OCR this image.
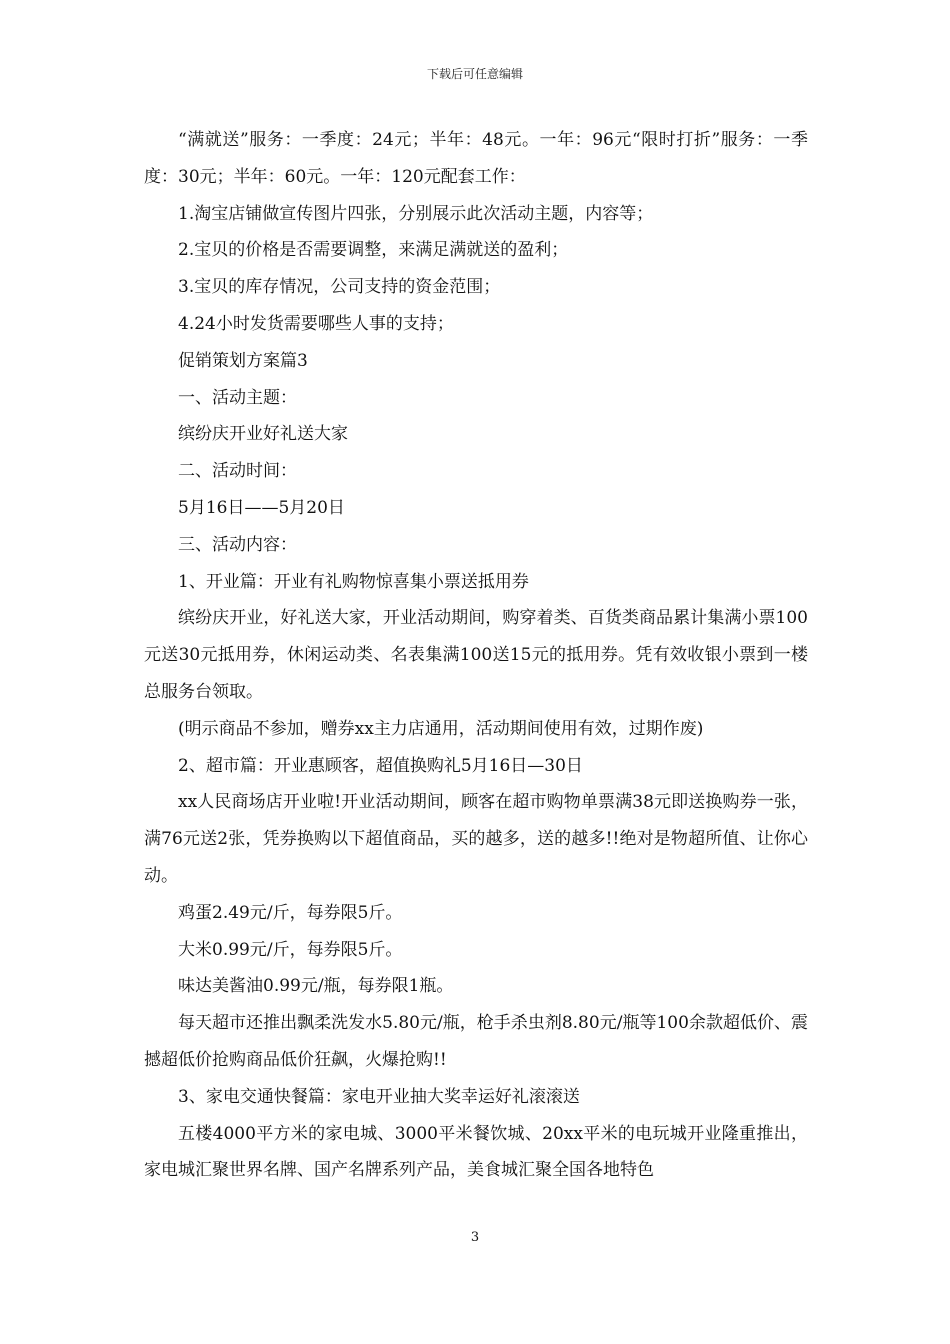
下载后可任意编辑

“满就送”服务：一季度：24元；半年：48元。一年：96元“限时打折”服务：一季度：30元；半年：60元。一年：120元配套工作：

1.淘宝店铺做宣传图片四张，分别展示此次活动主题，内容等；

2.宝贝的价格是否需要调整，来满足满就送的盈利；

3.宝贝的库存情况，公司支持的资金范围；

4.24小时发货需要哪些人事的支持；

促销策划方案篇3

一、活动主题：

缤纷庆开业好礼送大家

二、活动时间：

5月16日——5月20日

三、活动内容：

1、开业篇：开业有礼购物惊喜集小票送抵用券

缤纷庆开业，好礼送大家，开业活动期间，购穿着类、百货类商品累计集满小票100元送30元抵用券，休闲运动类、名表集满100送15元的抵用券。凭有效收银小票到一楼总服务台领取。

(明示商品不参加，赠券xx主力店通用，活动期间使用有效，过期作废)

2、超市篇：开业惠顾客，超值换购礼5月16日—30日

xx人民商场店开业啦!开业活动期间，顾客在超市购物单票满38元即送换购券一张，满76元送2张，凭券换购以下超值商品，买的越多，送的越多!!绝对是物超所值、让你心动。

鸡蛋2.49元/斤，每券限5斤。

大米0.99元/斤，每券限5斤。

味达美酱油0.99元/瓶，每券限1瓶。

每天超市还推出飘柔洗发水5.80元/瓶，枪手杀虫剂8.80元/瓶等100余款超低价、震撼超低价抢购商品低价狂飙，火爆抢购!!

3、家电交通快餐篇：家电开业抽大奖幸运好礼滚滚送

五楼4000平方米的家电城、3000平米餐饮城、20xx平米的电玩城开业隆重推出，家电城汇聚世界名牌、国产名牌系列产品，美食城汇聚全国各地特色

3
